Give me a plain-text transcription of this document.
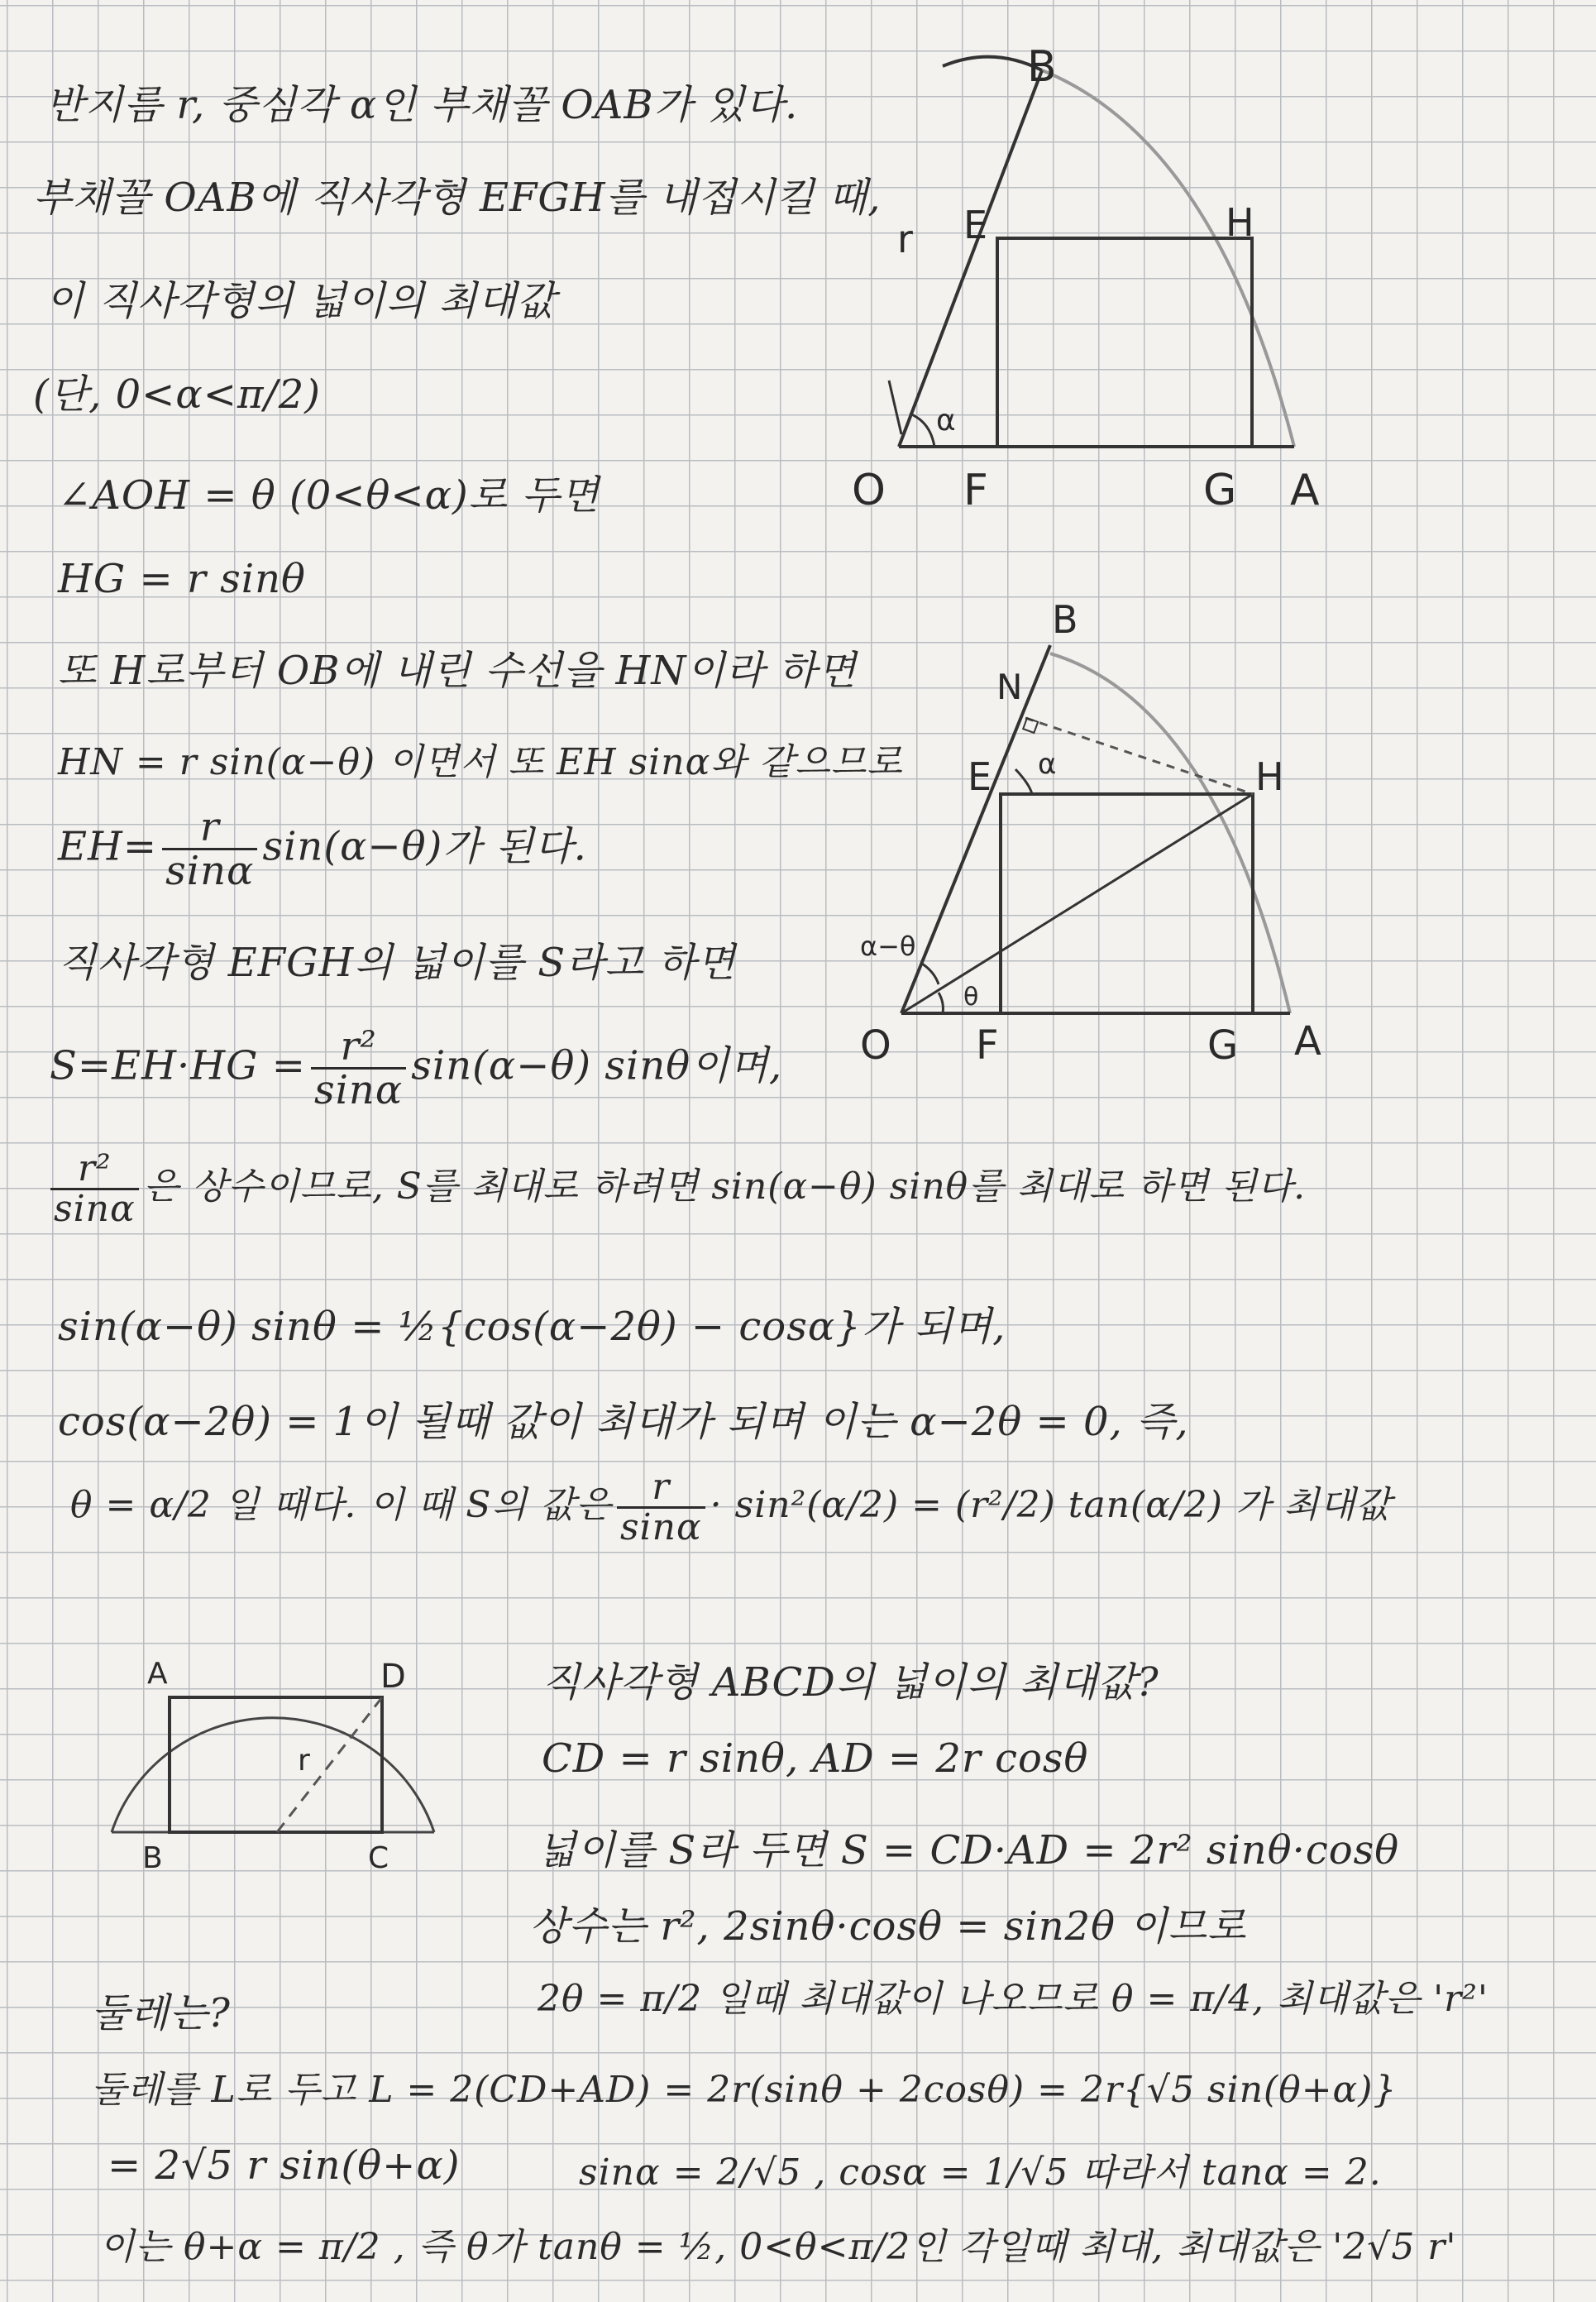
반지름 r, 중심각 α인 부채꼴 OAB가 있다.
부채꼴 OAB에 직사각형 EFGH를 내접시킬 때,
이 직사각형의 넓이의 최대값
(단, 0<α<π/2)
∠AOH = θ (0<θ<α)로 두면
HG = r sinθ
또 H로부터 OB에 내린 수선을 HN이라 하면
HN = r sin(α−θ) 이면서 또 EH sinα와 같으므로
$EH= \frac{r}{\sin\alpha} \sin(\alpha-\theta)$가 된다.
직사각형 EFGH의 넓이를 S라고 하면
$S=EH\cdot HG = \frac{\text{r²}}{\sin\alpha} \sin(\alpha-\theta)$ sinθ이며,
$\frac{\text{r²}}{\sin\alpha}$ 은 상수이므로, S를 최대로 하려면 sin(α−θ) sinθ를 최대로 하면 된다.
sin(α−θ) sinθ = ½{cos(α−2θ) − cosα}가 되며,
cos(α−2θ) = 1이 될때 값이 최대가 되며 이는 α−2θ = 0, 즉,
θ = α/2 일 때다. 이 때 S의 값은 $\frac{r}{\sin\alpha} \cdot \sin^2(\alpha/2) = (r^2/2)$ tan(α/2) 가 최대값
B
E	H
r
α
O F	G A
B
N
E	H
α
α−θ
θ
O F	G A
A	D
r
B	C
직사각형 ABCD의 넓이의 최대값?
CD = r sinθ, AD = 2r cosθ
넓이를 S라 두면 S = CD·AD = 2r² sinθ·cosθ
상수는 r², 2sinθ·cosθ = sin2θ 이므로
2θ = π/2 일때 최대값이 나오므로 θ = π/4, 최대값은 'r²'
둘레는?
둘레를 L로 두고 L = 2(CD+AD) = 2r(sinθ + 2cosθ) = 2r{√5 sin(θ+α)}
= 2√5 r sin(θ+α)	sinα = 2/√5 , cosα = 1/√5 따라서 tanα = 2.
이는 θ+α = π/2 , 즉 θ가 tanθ = ½, 0<θ<π/2인 각일때 최대, 최대값은 '2√5 r'
